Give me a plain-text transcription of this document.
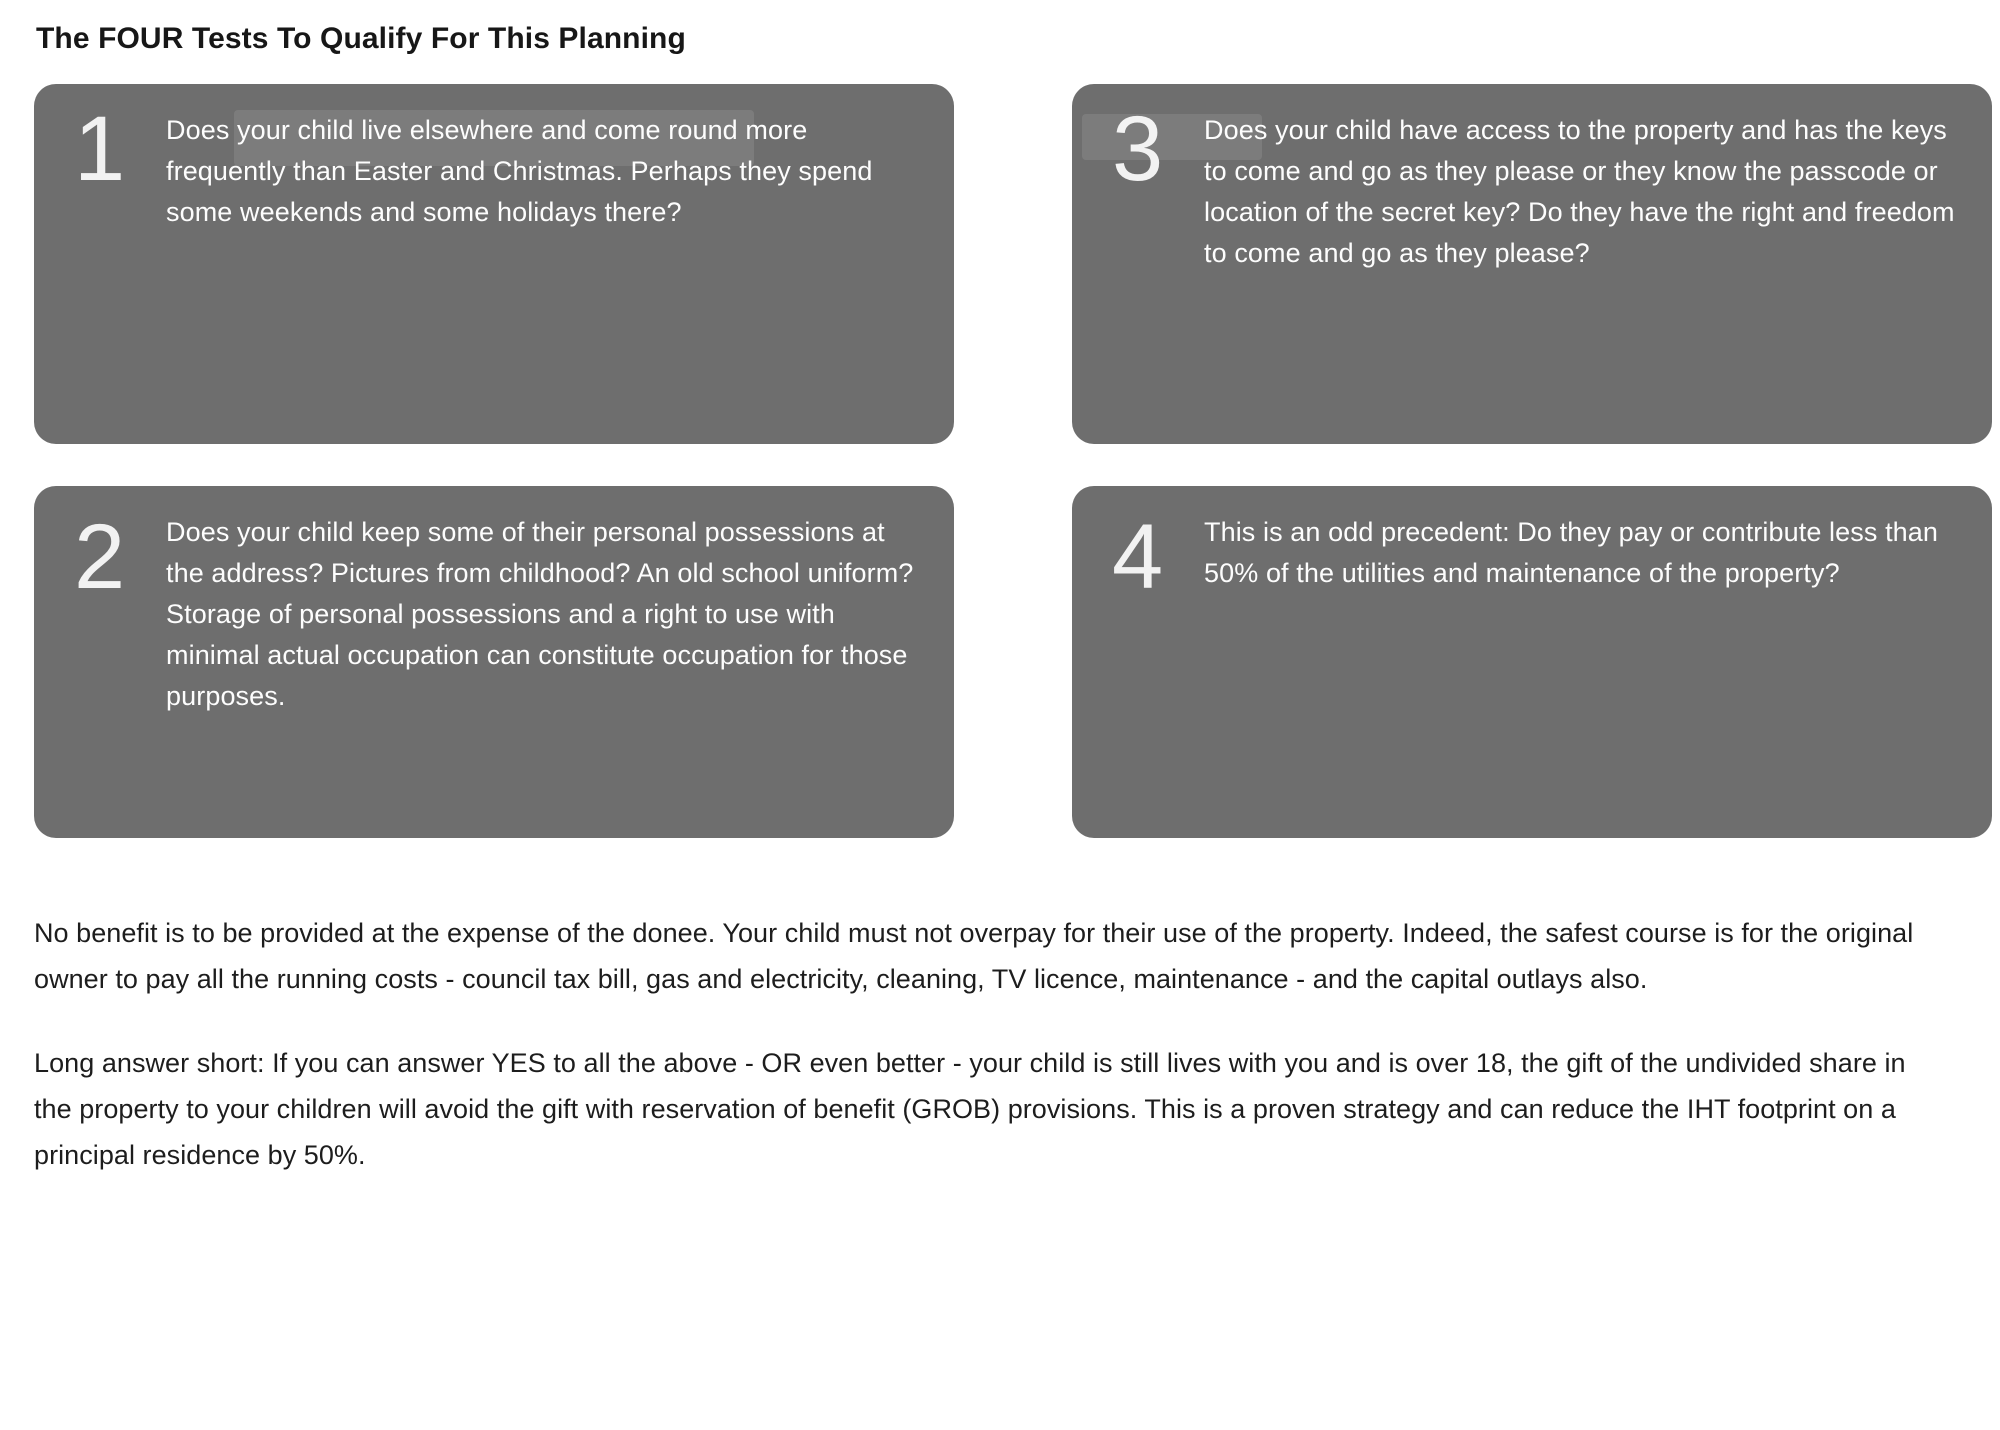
The FOUR Tests To Qualify For This Planning
1	Does your child live elsewhere and come round more frequently than Easter and Christmas. Perhaps they spend some weekends and some holidays there?
3	Does your child have access to the property and has the keys to come and go as they please or they know the passcode or location of the secret key? Do they have the right and freedom to come and go as they please?
2	Does your child keep some of their personal possessions at the address? Pictures from childhood? An old school uniform? Storage of personal possessions and a right to use with minimal actual occupation can constitute occupation for those purposes.
4	This is an odd precedent: Do they pay or contribute less than 50% of the utilities and maintenance of the property?

No benefit is to be provided at the expense of the donee. Your child must not overpay for their use of the property. Indeed, the safest course is for the original owner to pay all the running costs - council tax bill, gas and electricity, cleaning, TV licence, maintenance - and the capital outlays also.

Long answer short: If you can answer YES to all the above - OR even better - your child is still lives with you and is over 18, the gift of the undivided share in the property to your children will avoid the gift with reservation of benefit (GROB) provisions. This is a proven strategy and can reduce the IHT footprint on a principal residence by 50%.
